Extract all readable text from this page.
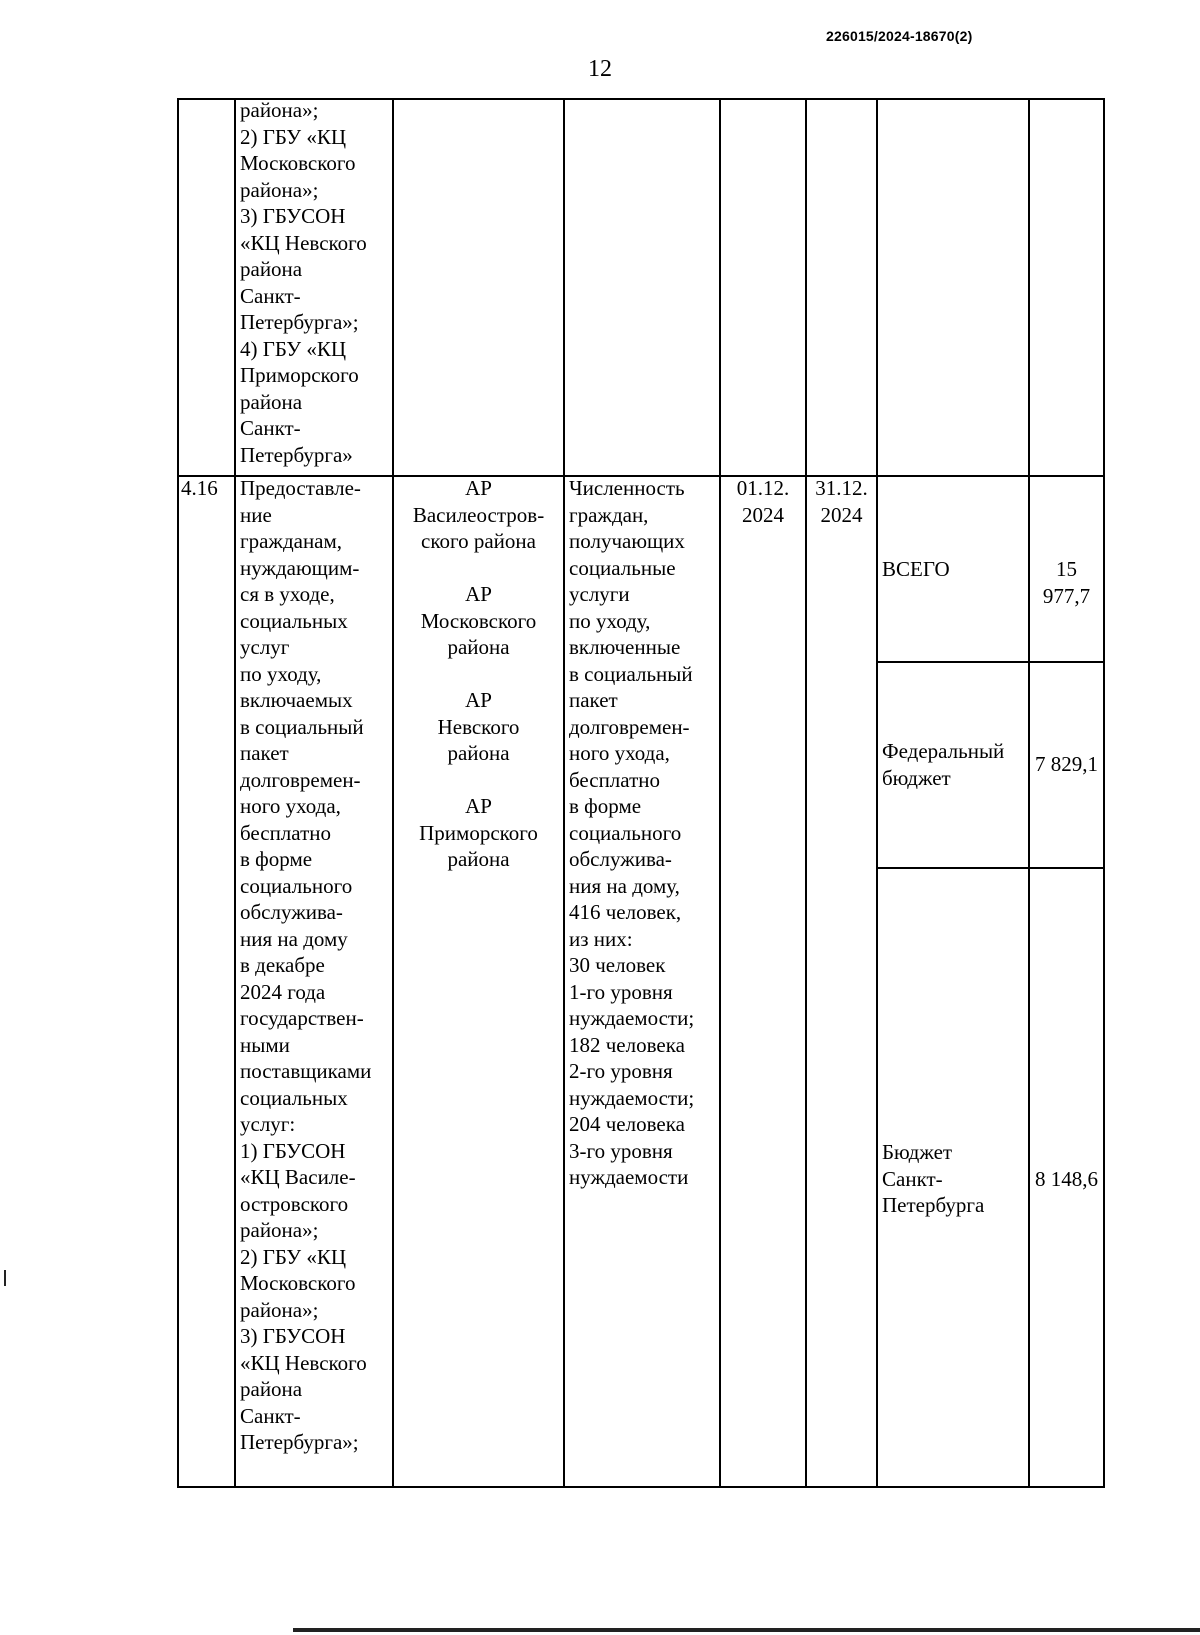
226015/2024-18670(2)
12
района»;
2) ГБУ «КЦ
Московского
района»;
3) ГБУСОН
«КЦ Невского
района
Санкт-
Петербурга»;
4) ГБУ «КЦ
Приморского
района
Санкт-
Петербурга»
4.16	Предоставле-
ние
гражданам,
нуждающим-
ся в уходе,
социальных
услуг
по уходу,
включаемых
в социальный
пакет
долговремен-
ного ухода,
бесплатно
в форме
социального
обслужива-
ния на дому
в декабре
2024 года
государствен-
ными
поставщиками
социальных
услуг:
1) ГБУСОН
«КЦ Василе-
островского
района»;
2) ГБУ «КЦ
Московского
района»;
3) ГБУСОН
«КЦ Невского
района
Санкт-
Петербурга»;
АР
Василеостров-
ского района

АР
Московского
района

АР
Невского
района

АР
Приморского
района
Численность
граждан,
получающих
социальные
услуги
по уходу,
включенные
в социальный
пакет
долговремен-
ного ухода,
бесплатно
в форме
социального
обслужива-
ния на дому,
416 человек,
из них:
30 человек
1-го уровня
нуждаемости;
182 человека
2-го уровня
нуждаемости;
204 человека
3-го уровня
нуждаемости
01.12.
2024
31.12.
2024
ВСЕГО	15 977,7
Федеральный
бюджет
7 829,1
Бюджет
Санкт-
Петербурга
8 148,6
